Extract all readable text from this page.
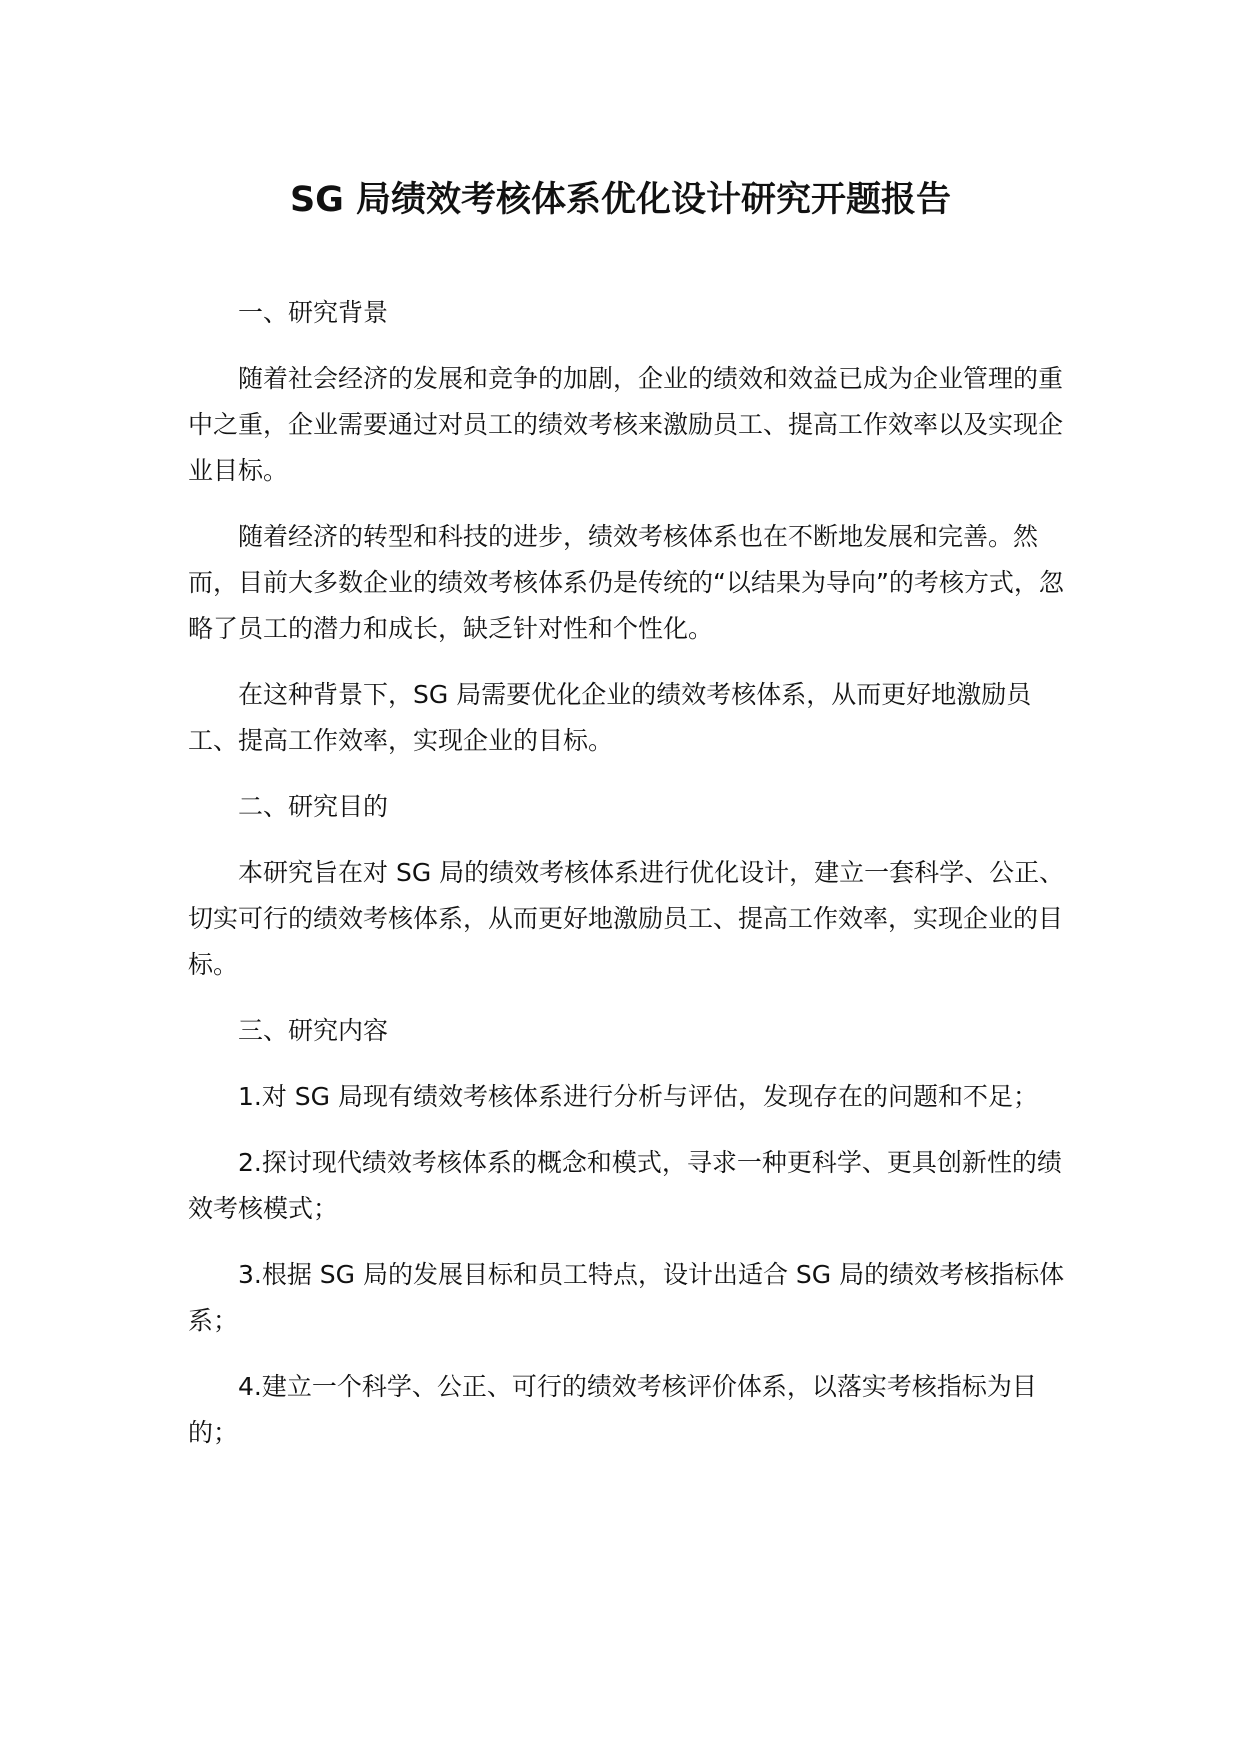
SG 局绩效考核体系优化设计研究开题报告

一、研究背景

随着社会经济的发展和竞争的加剧，企业的绩效和效益已成为企业管理的重中之重，企业需要通过对员工的绩效考核来激励员工、提高工作效率以及实现企业目标。

随着经济的转型和科技的进步，绩效考核体系也在不断地发展和完善。然而，目前大多数企业的绩效考核体系仍是传统的“以结果为导向”的考核方式，忽略了员工的潜力和成长，缺乏针对性和个性化。

在这种背景下，SG 局需要优化企业的绩效考核体系，从而更好地激励员工、提高工作效率，实现企业的目标。

二、研究目的

本研究旨在对 SG 局的绩效考核体系进行优化设计，建立一套科学、公正、切实可行的绩效考核体系，从而更好地激励员工、提高工作效率，实现企业的目标。

三、研究内容

1.对 SG 局现有绩效考核体系进行分析与评估，发现存在的问题和不足；

2.探讨现代绩效考核体系的概念和模式，寻求一种更科学、更具创新性的绩效考核模式；

3.根据 SG 局的发展目标和员工特点，设计出适合 SG 局的绩效考核指标体系；

4.建立一个科学、公正、可行的绩效考核评价体系，以落实考核指标为目的；
